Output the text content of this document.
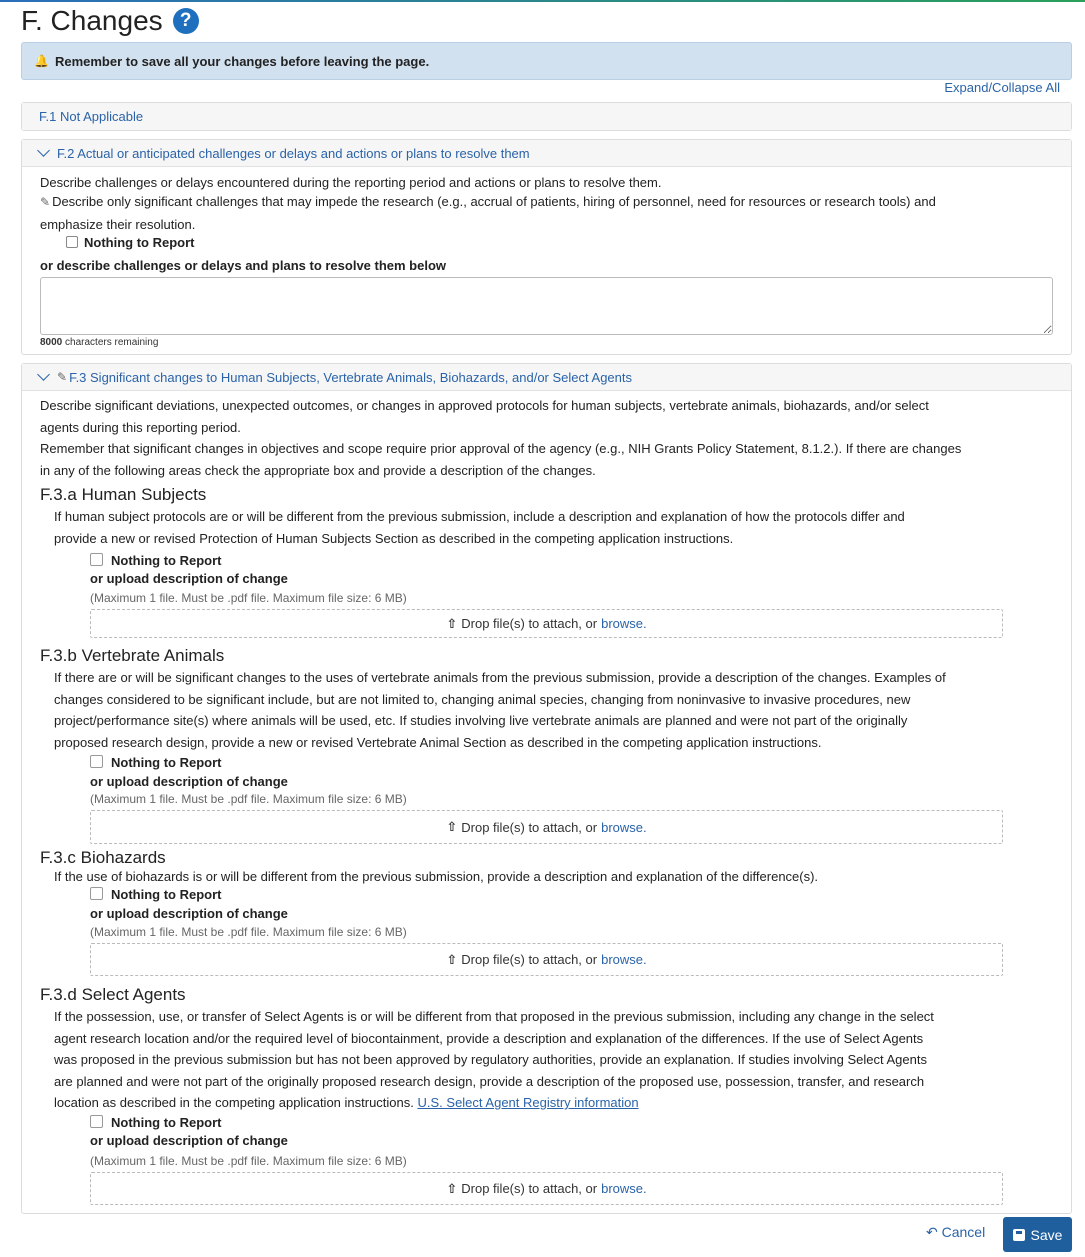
F. Changes ?
🔔 Remember to save all your changes before leaving the page.
Expand/Collapse All
F.1 Not Applicable
F.2 Actual or anticipated challenges or delays and actions or plans to resolve them
Describe challenges or delays encountered during the reporting period and actions or plans to resolve them.
✎ Describe only significant challenges that may impede the research (e.g., accrual of patients, hiring of personnel, need for resources or research tools) and
emphasize their resolution.
Nothing to Report
or describe challenges or delays and plans to resolve them below
8000 characters remaining
✎ F.3 Significant changes to Human Subjects, Vertebrate Animals, Biohazards, and/or Select Agents
Describe significant deviations, unexpected outcomes, or changes in approved protocols for human subjects, vertebrate animals, biohazards, and/or select
agents during this reporting period.
Remember that significant changes in objectives and scope require prior approval of the agency (e.g., NIH Grants Policy Statement, 8.1.2.). If there are changes
in any of the following areas check the appropriate box and provide a description of the changes.
F.3.a Human Subjects
If human subject protocols are or will be different from the previous submission, include a description and explanation of how the protocols differ and
provide a new or revised Protection of Human Subjects Section as described in the competing application instructions.
Nothing to Report
or upload description of change
(Maximum 1 file. Must be .pdf file. Maximum file size: 6 MB)
⇧ Drop file(s) to attach, or browse.
F.3.b Vertebrate Animals
If there are or will be significant changes to the uses of vertebrate animals from the previous submission, provide a description of the changes. Examples of
changes considered to be significant include, but are not limited to, changing animal species, changing from noninvasive to invasive procedures, new
project/performance site(s) where animals will be used, etc. If studies involving live vertebrate animals are planned and were not part of the originally
proposed research design, provide a new or revised Vertebrate Animal Section as described in the competing application instructions.
Nothing to Report
or upload description of change
(Maximum 1 file. Must be .pdf file. Maximum file size: 6 MB)
⇧ Drop file(s) to attach, or browse.
F.3.c Biohazards
If the use of biohazards is or will be different from the previous submission, provide a description and explanation of the difference(s).
Nothing to Report
or upload description of change
(Maximum 1 file. Must be .pdf file. Maximum file size: 6 MB)
⇧ Drop file(s) to attach, or browse.
F.3.d Select Agents
If the possession, use, or transfer of Select Agents is or will be different from that proposed in the previous submission, including any change in the select
agent research location and/or the required level of biocontainment, provide a description and explanation of the differences. If the use of Select Agents
was proposed in the previous submission but has not been approved by regulatory authorities, provide an explanation. If studies involving Select Agents
are planned and were not part of the originally proposed research design, provide a description of the proposed use, possession, transfer, and research
location as described in the competing application instructions. U.S. Select Agent Registry information
Nothing to Report
or upload description of change
(Maximum 1 file. Must be .pdf file. Maximum file size: 6 MB)
⇧ Drop file(s) to attach, or browse.
↶ Cancel	Save
